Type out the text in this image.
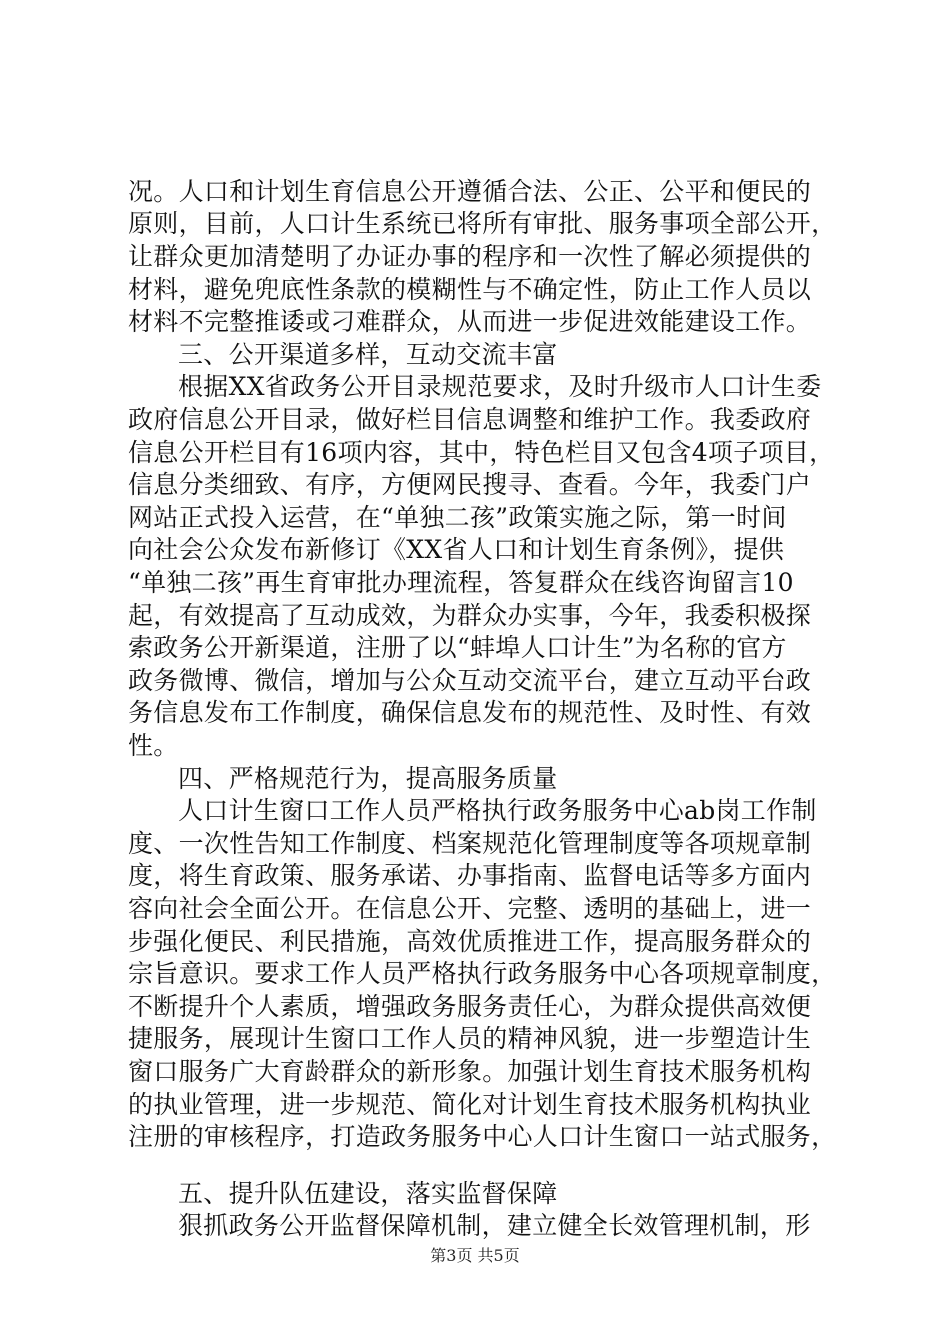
况。人口和计划生育信息公开遵循合法、公正、公平和便民的
原则，目前，人口计生系统已将所有审批、服务事项全部公开，
让群众更加清楚明了办证办事的程序和一次性了解必须提供的
材料，避免兜底性条款的模糊性与不确定性，防止工作人员以
材料不完整推诿或刁难群众，从而进一步促进效能建设工作。
三、公开渠道多样，互动交流丰富
根据XX省政务公开目录规范要求，及时升级市人口计生委
政府信息公开目录，做好栏目信息调整和维护工作。我委政府
信息公开栏目有16项内容，其中，特色栏目又包含4项子项目，
信息分类细致、有序，方便网民搜寻、查看。今年，我委门户
网站正式投入运营，在“单独二孩”政策实施之际，第一时间
向社会公众发布新修订《XX省人口和计划生育条例》，提供
“单独二孩”再生育审批办理流程，答复群众在线咨询留言10
起，有效提高了互动成效，为群众办实事，今年，我委积极探
索政务公开新渠道，注册了以“蚌埠人口计生”为名称的官方
政务微博、微信，增加与公众互动交流平台，建立互动平台政
务信息发布工作制度，确保信息发布的规范性、及时性、有效
性。
四、严格规范行为，提高服务质量
人口计生窗口工作人员严格执行政务服务中心ab岗工作制
度、一次性告知工作制度、档案规范化管理制度等各项规章制
度，将生育政策、服务承诺、办事指南、监督电话等多方面内
容向社会全面公开。在信息公开、完整、透明的基础上，进一
步强化便民、利民措施，高效优质推进工作，提高服务群众的
宗旨意识。要求工作人员严格执行政务服务中心各项规章制度，
不断提升个人素质，增强政务服务责任心，为群众提供高效便
捷服务，展现计生窗口工作人员的精神风貌，进一步塑造计生
窗口服务广大育龄群众的新形象。加强计划生育技术服务机构
的执业管理，进一步规范、简化对计划生育技术服务机构执业
注册的审核程序，打造政务服务中心人口计生窗口一站式服务，
五、提升队伍建设，落实监督保障
狠抓政务公开监督保障机制，建立健全长效管理机制，形
第3页 共5页
